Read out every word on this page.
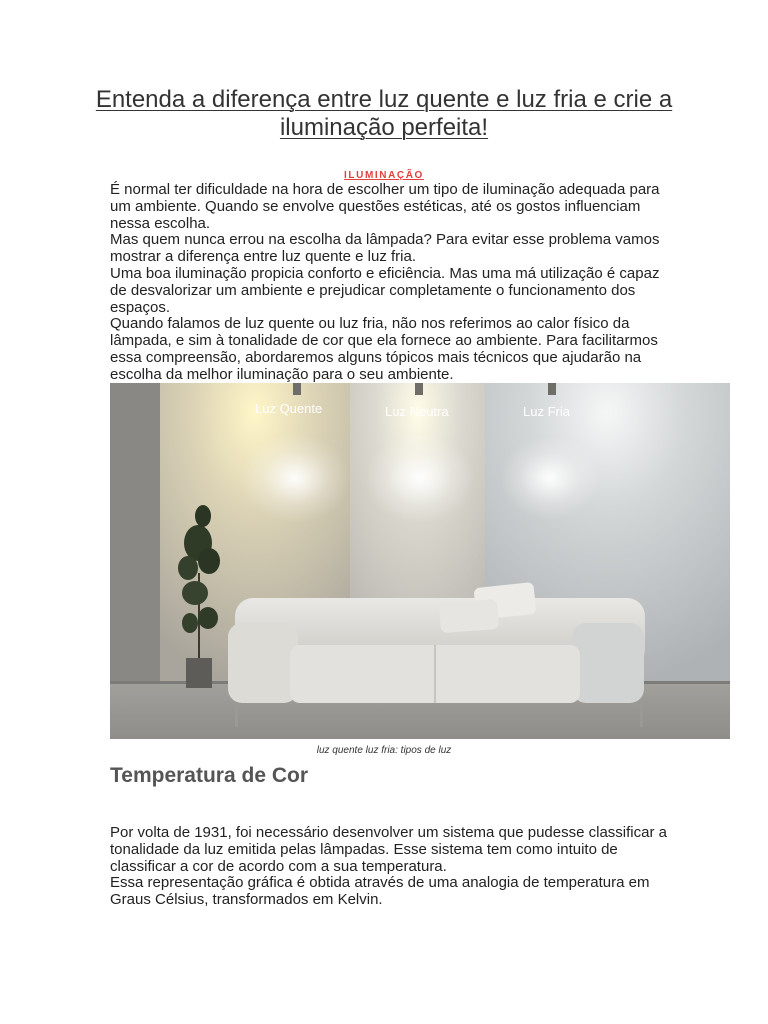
Entenda a diferença entre luz quente e luz fria e crie a iluminação perfeita!
ILUMINAÇÃO

É normal ter dificuldade na hora de escolher um tipo de iluminação adequada para um ambiente. Quando se envolve questões estéticas, até os gostos influenciam nessa escolha.

Mas quem nunca errou na escolha da lâmpada? Para evitar esse problema vamos mostrar a diferença entre luz quente e luz fria.

Uma boa iluminação propicia conforto e eficiência. Mas uma má utilização é capaz de desvalorizar um ambiente e prejudicar completamente o funcionamento dos espaços.

Quando falamos de luz quente ou luz fria, não nos referimos ao calor físico da lâmpada, e sim à tonalidade de cor que ela fornece ao ambiente. Para facilitarmos essa compreensão, abordaremos alguns tópicos mais técnicos que ajudarão na escolha da melhor iluminação para o seu ambiente.

Luz Quente	Luz Neutra	Luz Fria
luz quente luz fria: tipos de luz
Temperatura de Cor

Por volta de 1931, foi necessário desenvolver um sistema que pudesse classificar a tonalidade da luz emitida pelas lâmpadas. Esse sistema tem como intuito de classificar a cor de acordo com a sua temperatura.

Essa representação gráfica é obtida através de uma analogia de temperatura em Graus Célsius, transformados em Kelvin.
